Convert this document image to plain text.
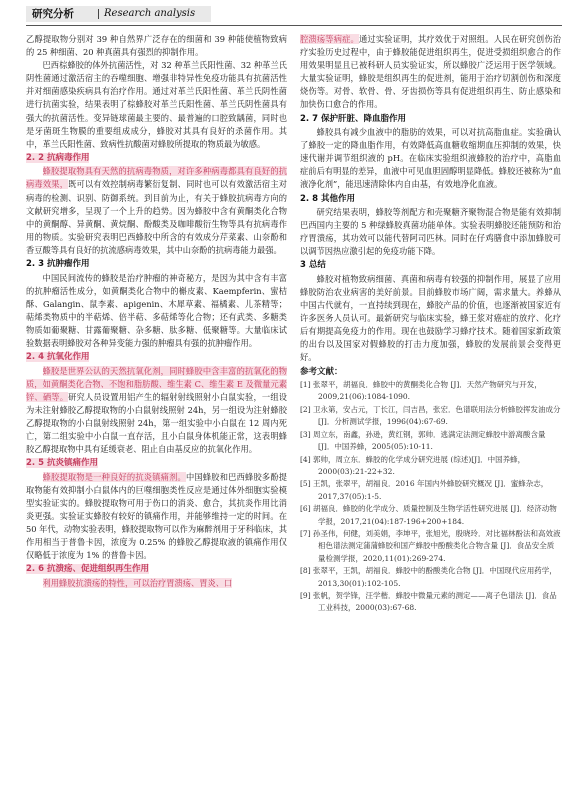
研究分析	Research analysis

乙醇提取物分别对 39 种自然界广泛存在的细菌和 39 种能使植物致病的 25 种细菌、20 种真菌具有强烈的抑制作用。

巴西棕蜂胶的体外抗菌活性，对 32 种革兰氏阳性菌、32 种革兰氏阴性菌通过激活宿主的吞噬细胞、增强非特异性免疫功能具有抗菌活性并对细菌感染疾病具有治疗作用。通过对革兰氏阳性菌、革兰氏阴性菌进行抗菌实验，结果表明了棕蜂胶对革兰氏阳性菌、革兰氏阴性菌具有强大的抗菌活性。变异链球菌最主要的、最普遍的口腔致龋菌，同时也是牙菌斑生物膜的重要组成成分，蜂胶对其具有良好的杀菌作用。其中，革兰氏阳性菌、致病性抗酸菌对蜂胶所提取的物质最为敏感。

2. 2 抗病毒作用

蜂胶提取物具有天然的抗病毒物质，对许多种病毒都具有良好的抗病毒效果，既可以有效控制病毒繁衍复制、同时也可以有效激活宿主对病毒的检测、识别、防御系统。到目前为止，有关于蜂胶抗病毒方向的文献研究增多，呈现了一个上升的趋势。因为蜂胶中含有黄酮类化合物中的黄酮醇、异黄酮、黄烷酮、酚酸类及咖啡酸衍生物等具有抗病毒作用的物质。实验研究表明巴西蜂胶中所含的有效成分芹菜素、山奈酚和香豆酸等具有良好的抗流感病毒效果，其中山奈酚的抗病毒能力最强。

2. 3 抗肿瘤作用

中国民间流传的蜂胶是治疗肿瘤的神奇秘方，是因为其中含有丰富的抗肿瘤活性成分，如黄酮类化合物中的槲皮素、Kaempferin、蜜桔酥、Galangin、鼠李素、apigenin、木犀草素、福橘素、儿茶精等；萜烯类物质中的半萜烯、倍半萜、多萜烯等化合物；还有武类、多糖类物质如葡聚糖、甘露葡聚糖、杂多糖、肽多糖、低聚糖等。大量临床试验数据表明蜂胶对各种异变能力强的肿瘤具有强的抗肿瘤作用。

2. 4 抗氧化作用

蜂胶是世界公认的天然抗氧化剂，同时蜂胶中含丰富的抗氧化的物质，如黄酮类化合物、不饱和脂肪酸、维生素 C、维生素 E 及微量元素锌、硒等。研究人员设置用铝产生的辐射射线照射小白鼠实验，一组设为未注射蜂胶乙醇提取物的小白鼠射线照射 24h，另一组设为注射蜂胶乙醇提取物的小白鼠射线照射 24h，第一组实验中小白鼠在 12 周内死亡，第二组实验中小白鼠一直存活，且小白鼠身体机能正常，这表明蜂胶乙醇提取物中具有延缓衰老、阻止自由基反应的抗氧化作用。

2. 5 抗炎镇痛作用

蜂胶提取物是一种良好的抗炎镇痛剂。中国蜂胶和巴西蜂胶多酚提取物能有效抑制小白鼠体内的巨噬细胞类性反应是通过体外细胞实验模型实验证实的。蜂胶提取物可用于伤口的消炎、愈合，其抗炎作用比消炎更强。实验证实蜂胶有较好的镇痛作用，并能够维持一定的时间。在 50 年代，动物实验表明，蜂胶提取物可以作为麻醉剂用于牙科临床，其作用相当于普鲁卡因，浓度为 0.25% 的蜂胶乙醇提取液的镇痛作用仅仅略低于浓度为 1% 的普鲁卡因。

2. 6 抗溃疡、促进组织再生作用

利用蜂胶抗溃疡的特性，可以治疗胃溃疡、胃炎、口

腔溃疡等病症。通过实验证明，其疗效优于对照组。人民在研究创伤治疗实验历史过程中，由于蜂胶能促进组织再生，促进受损组织愈合的作用效果明显且已被科研人员实验证实，所以蜂胶广泛运用于医学领域。大量实验证明，蜂胶是组织再生的促进剂，能用于治疗切割创伤和深度烧伤等。对骨、软骨、骨、牙齿损伤等具有促进组织再生、防止感染和加快伤口愈合的作用。

2. 7 保护肝脏、降血脂作用

蜂胶具有减少血液中的脂肪的效果，可以对抗高脂血症。实验确认了蜂胶一定的降血脂作用，有效降低高血糖收缩期血压抑制的效果，快速代谢并调节组织液的 pH。在临床实验组织液蜂胶的治疗中，高脂血症前后有明显的差异，血液中可见血胆固醇明显降低。蜂胶还被称为“血液净化剂”，能迅速清除体内自由基，有效地净化血液。

2. 8 其他作用

研究结果表明，蜂胶等剂配方和壳聚糖齐聚物混合物是能有效抑制巴西国内主要的 5 种绿蜂胶真菌功能单体。实验表明蜂胶还能预防和治疗胃溃疡，其功效可以能代替阿司匹林。同时在仔鸡膳食中添加蜂胶可以调节因热应激引起的免疫功能下降。

3 总结

蜂胶对植物致病细菌、真菌和病毒有较强的抑制作用，展显了应用蜂胶防治农业病害的美好前景。目前蜂胶市场广阔，需求量大。养蜂从中国古代就有，一直持续到现在，蜂胶产品的价值，也逐渐被国家近有许多医务人员认可。最新研究与临床实验，蜂王浆对癌症的放疗、化疗后有期提高免疫力的作用。现在也鼓励学习蜂疗技术。随着国家新政策的出台以及国家对假蜂胶的打击力度加强，蜂胶的发展前景会变得更好。

参考文献：
[1] 张翠平，胡福良．蜂胶中的黄酮类化合物 [J]．天然产物研究与开发，2009,21(06):1084-1090.
[2] 卫永第，安占元，丁长江，闫吉昌，张宏．色谱联用法分析蜂胶挥发油成分 [J]．分析测试学报，1996(04):67-69.
[3] 周立东，南鑫，孙逊，黄红钢，郭帅．逃满定法测定蜂胶中游离酸含量 [J]．中国养蜂，2005(05):10-11.
[4] 郭帅，周立东．蜂胶的化学成分研究进展 (综述)[J]．中国养蜂，2000(03):21-22+32.
[5] 王凯，张翠平，胡福良．2016 年国内外蜂胶研究概况 [J]．蜜蜂杂志，2017,37(05):1-5.
[6] 胡福良．蜂胶的化学成分、质量控制及生物学活性研究进展 [J]．经济动物学报，2017,21(04):187-196+200+184.
[7] 孙圣伟，何健，刘美娟，李坤平，张旭光，殷晓玲．对比福林酚法和高效液相色谱法测定蒲蒲蜂胶和国产蜂胶中酚酸类化合物含量 [J]．食品安全质量检测学报，2020,11(01):269-274.
[8] 张翠平，王凯，胡福良．蜂胶中的酚酸类化合物 [J]．中国现代应用药学，2013,30(01):102-105.
[9] 张帆，贺学锋，汪学楷．蜂胶中微量元素的测定——离子色谱法 [J]．食品工业科技，2000(03):67-68.
